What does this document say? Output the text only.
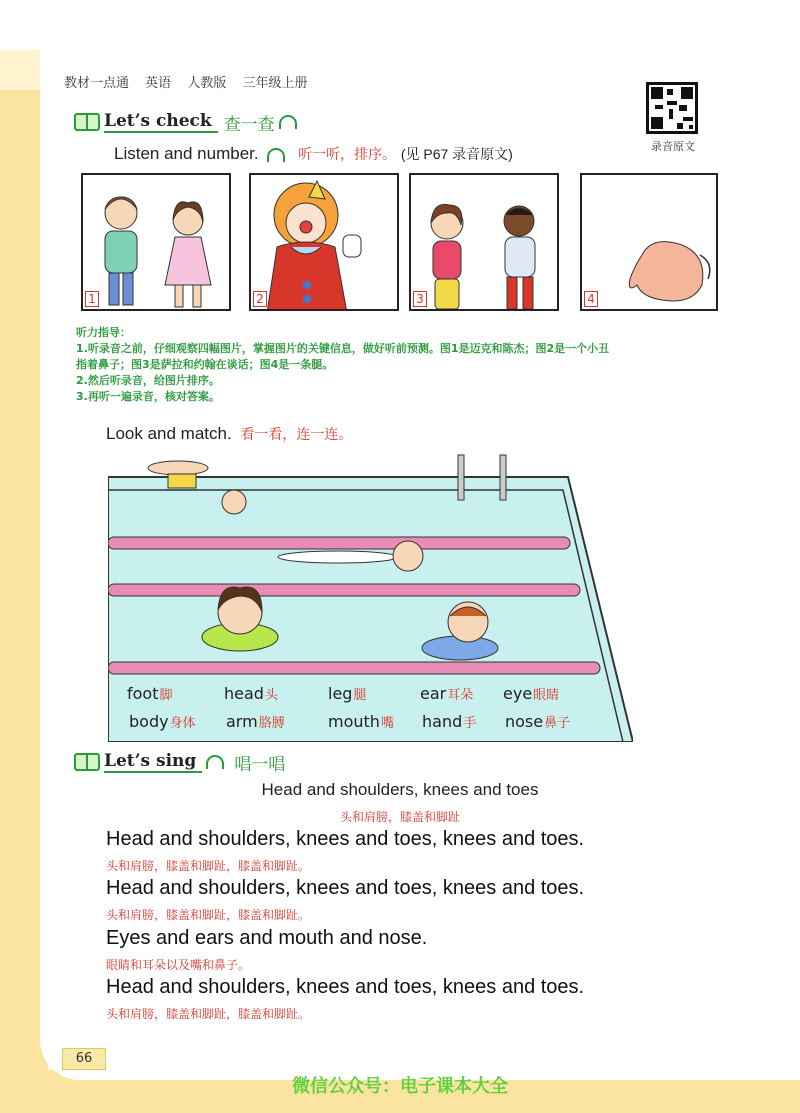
教材一点通 英语 人教版 三年级上册
录音原文
Let’s check 查一查
Listen and number.	听一听，排序。 (见 P67 录音原文)
1	2	3	4
听力指导：
1.听录音之前，仔细观察四幅图片，掌握图片的关键信息，做好听前预测。图1是迈克和陈杰；图2是一个小丑
指着鼻子；图3是萨拉和约翰在谈话；图4是一条腿。
2.然后听录音，给图片排序。
3.再听一遍录音，核对答案。
Look and match. 看一看，连一连。
foot脚	head头	leg腿	ear耳朵 eye眼睛
body身体 arm胳膊	mouth嘴 hand手 nose鼻子
Let’s sing	唱一唱
Head and shoulders, knees and toes
头和肩膀，膝盖和脚趾
Head and shoulders, knees and toes, knees and toes.
头和肩膀，膝盖和脚趾，膝盖和脚趾。
Head and shoulders, knees and toes, knees and toes.
头和肩膀，膝盖和脚趾，膝盖和脚趾。
Eyes and ears and mouth and nose.
眼睛和耳朵以及嘴和鼻子。
Head and shoulders, knees and toes, knees and toes.
头和肩膀，膝盖和脚趾，膝盖和脚趾。
66
微信公众号：电子课本大全
